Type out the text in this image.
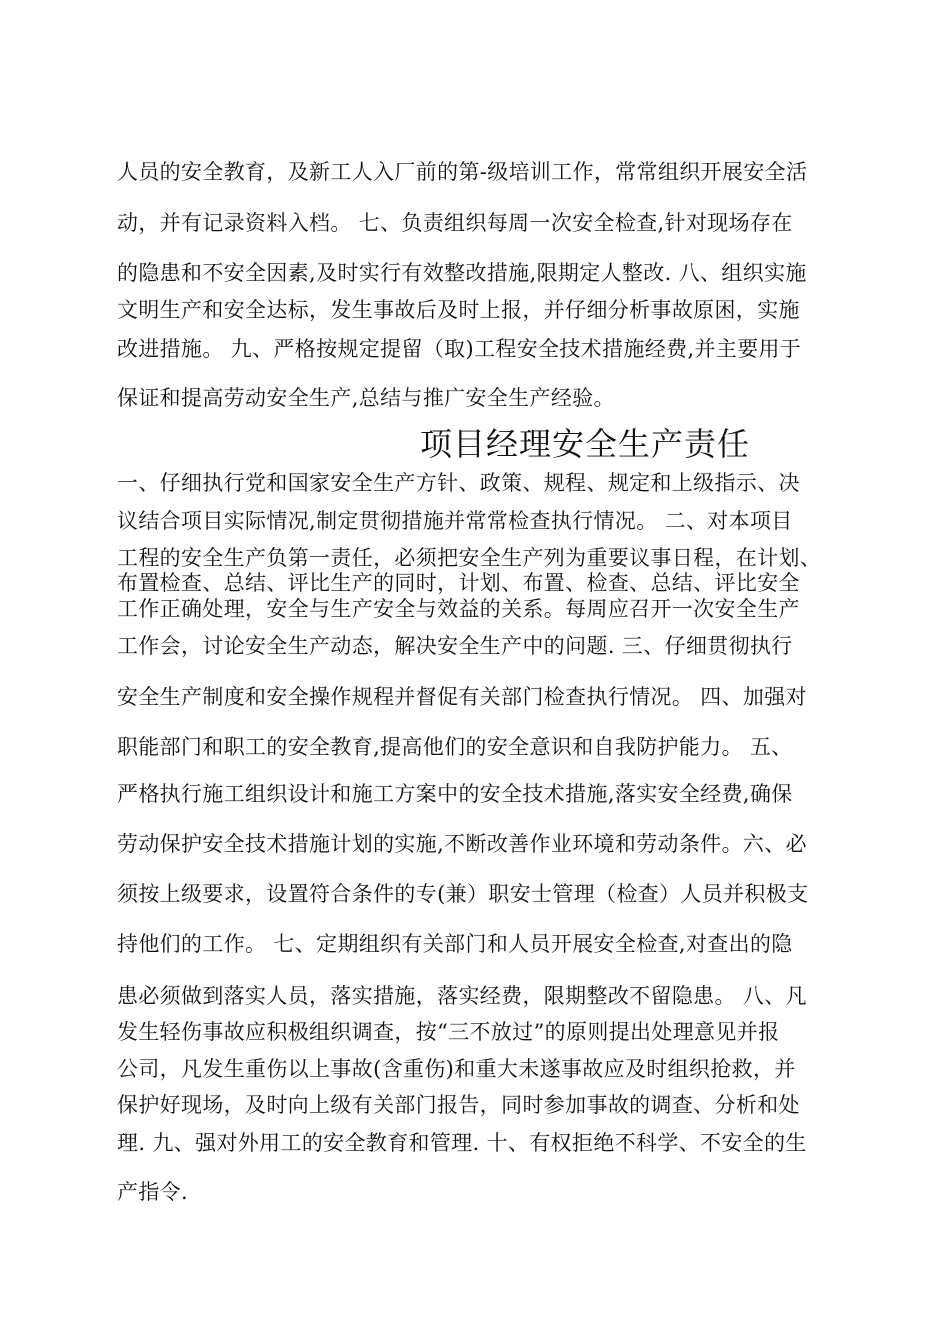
人员的安全教育，及新工人入厂前的第-级培训工作，常常组织开展安全活
动，并有记录资料入档。 七、负责组织每周一次安全检查,针对现场存在
的隐患和不安全因素,及时实行有效整改措施,限期定人整改. 八、组织实施
文明生产和安全达标，发生事故后及时上报，并仔细分析事故原困，实施
改进措施。 九、严格按规定提留（取)工程安全技术措施经费,并主要用于
保证和提高劳动安全生产,总结与推广安全生产经验。
项目经理安全生产责任
一、仔细执行党和国家安全生产方针、政策、规程、规定和上级指示、决
议结合项目实际情况,制定贯彻措施并常常检查执行情况。 二、对本项目
工程的安全生产负第一责任，必须把安全生产列为重要议事日程，在计划、
布置检查、总结、评比生产的同时，计划、布置、检查、总结、评比安全
工作正确处理，安全与生产安全与效益的关系。每周应召开一次安全生产
工作会，讨论安全生产动态，解决安全生产中的问题. 三、仔细贯彻执行
安全生产制度和安全操作规程并督促有关部门检查执行情况。 四、加强对
职能部门和职工的安全教育,提高他们的安全意识和自我防护能力。 五、
严格执行施工组织设计和施工方案中的安全技术措施,落实安全经费,确保
劳动保护安全技术措施计划的实施,不断改善作业环境和劳动条件。六、必
须按上级要求，设置符合条件的专(兼）职安士管理（检查）人员并积极支
持他们的工作。 七、定期组织有关部门和人员开展安全检查,对查出的隐
患必须做到落实人员，落实措施，落实经费，限期整改不留隐患。 八、凡
发生轻伤事故应积极组织调查，按“三不放过”的原则提出处理意见并报
公司，凡发生重伤以上事故(含重伤)和重大未遂事故应及时组织抢救，并
保护好现场，及时向上级有关部门报告，同时参加事故的调查、分析和处
理. 九、强对外用工的安全教育和管理. 十、有权拒绝不科学、不安全的生
产指令.
